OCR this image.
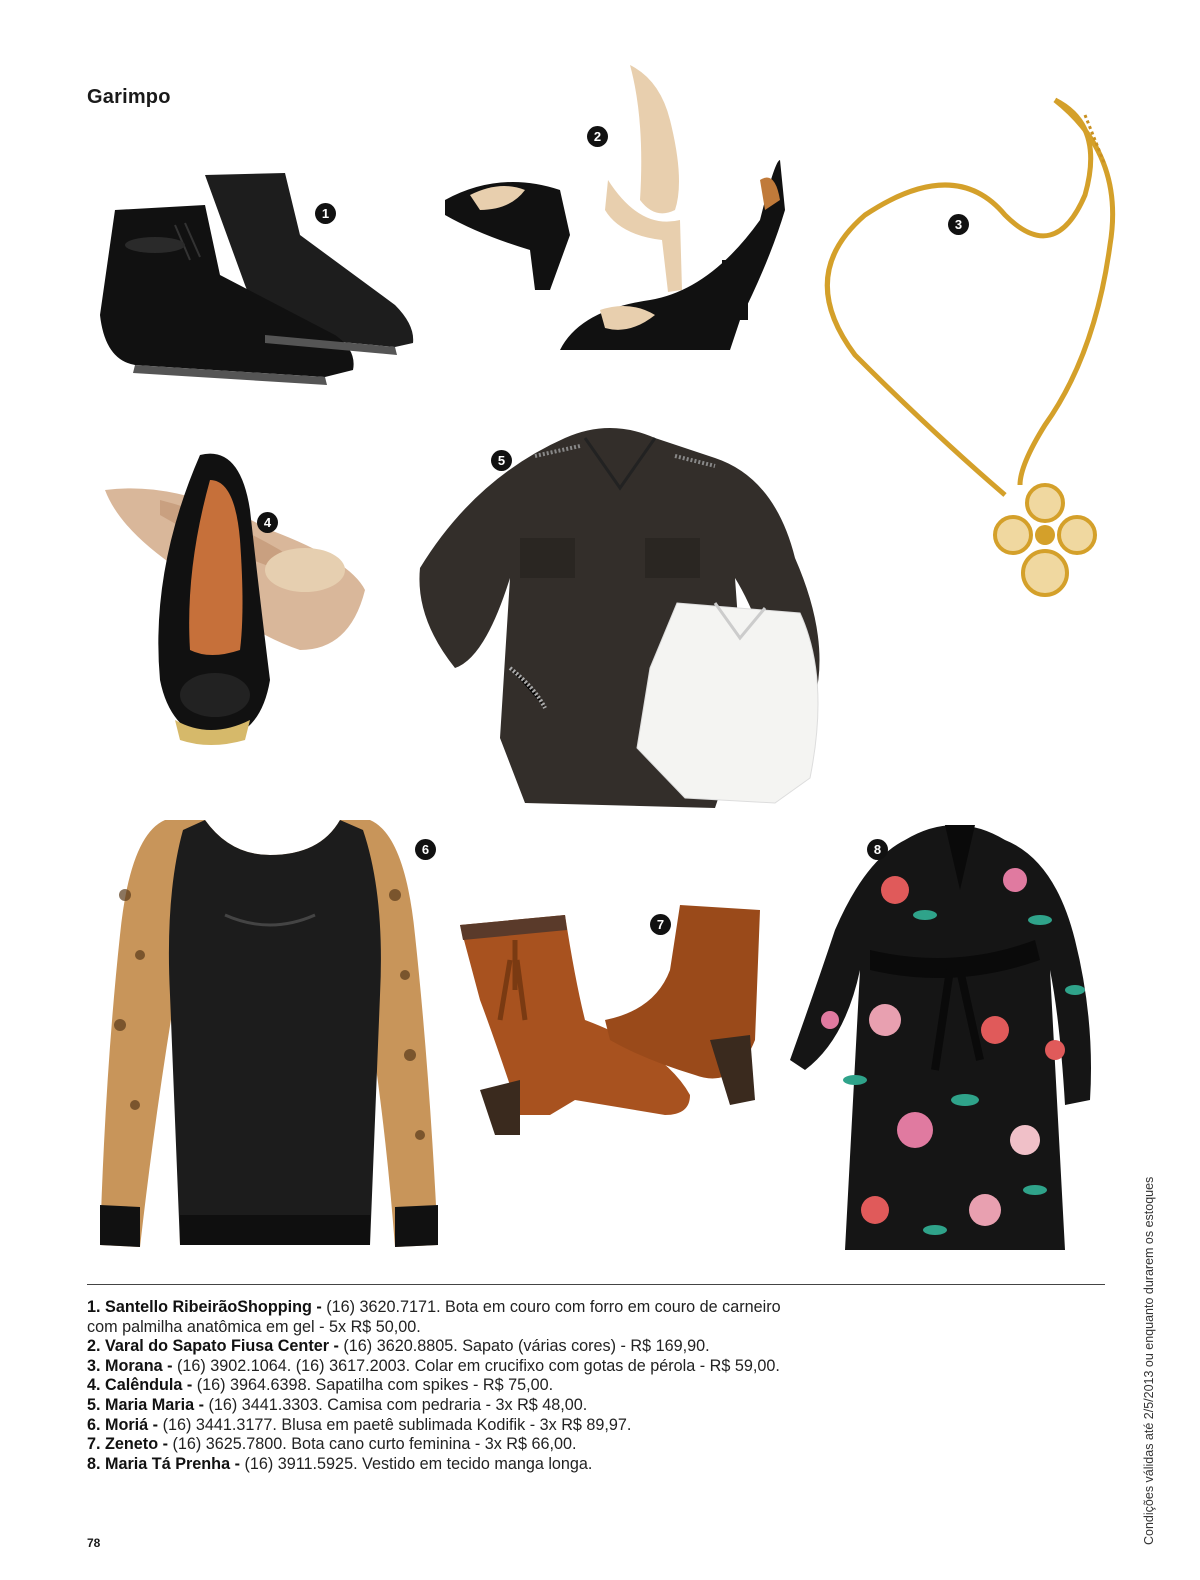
Garimpo
1
2
3
4
5
6
7
8
1. Santello RibeirãoShopping - (16) 3620.7171. Bota em couro com forro em couro de carneiro
com palmilha anatômica em gel - 5x R$ 50,00.
2. Varal do Sapato Fiusa Center - (16) 3620.8805. Sapato (várias cores) - R$ 169,90.
3. Morana - (16) 3902.1064. (16) 3617.2003. Colar em crucifixo com gotas de pérola - R$ 59,00.
4. Calêndula - (16) 3964.6398. Sapatilha com spikes - R$ 75,00.
5. Maria Maria - (16) 3441.3303. Camisa com pedraria - 3x R$ 48,00.
6. Moriá - (16) 3441.3177. Blusa em paetê sublimada Kodifik - 3x R$ 89,97.
7. Zeneto - (16) 3625.7800. Bota cano curto feminina - 3x R$ 66,00.
8. Maria Tá Prenha - (16) 3911.5925. Vestido em tecido manga longa.
78	Condições válidas até 2/5/2013 ou enquanto durarem os estoques
